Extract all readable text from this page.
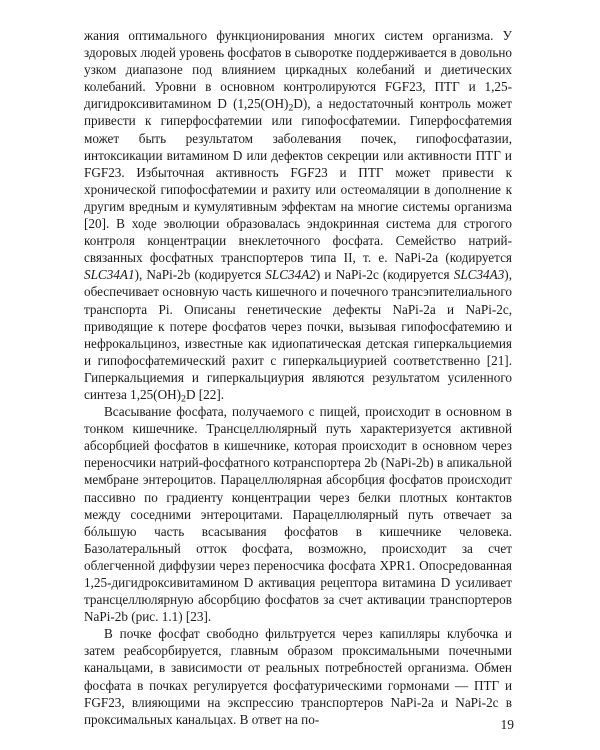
жания оптимального функционирования многих систем организма. У здоровых людей уровень фосфатов в сыворотке поддерживается в довольно узком диапазоне под влиянием циркадных колебаний и диетических колебаний. Уровни в основном контролируются FGF23, ПТГ и 1,25-дигидроксивитамином D $(1,25(OH)_2D)$, а недостаточный контроль может привести к гиперфосфатемии или гипофосфатемии. Гиперфосфатемия может быть результатом заболевания почек, гипофосфатазии, интоксикации витамином D или дефектов секреции или активности ПТГ и FGF23. Избыточная активность FGF23 и ПТГ может привести к хронической гипофосфатемии и рахиту или остеомаляции в дополнение к другим вредным и кумулятивным эффектам на многие системы организма [20]. В ходе эволюции образовалась эндокринная система для строгого контроля концентрации внеклеточного фосфата. Семейство натрий-связанных фосфатных транспортеров типа II, т. е. NaPi-2a (кодируется SLC34A1), NaPi-2b (кодируется SLC34A2) и NaPi-2c (кодируется SLC34A3), обеспечивает основную часть кишечного и почечного трансэпителиального транспорта Pi. Описаны генетические дефекты NaPi-2a и NaPi-2c, приводящие к потере фосфатов через почки, вызывая гипофосфатемию и нефрокальциноз, известные как идиопатическая детская гиперкальциемия и гипофосфатемический рахит с гиперкальциурией соответственно [21]. Гиперкальциемия и гиперкальциурия являются результатом усиленного синтеза $1,25(OH)_2D$ [22].

Всасывание фосфата, получаемого с пищей, происходит в основном в тонком кишечнике. Трансцеллюлярный путь характеризуется активной абсорбцией фосфатов в кишечнике, которая происходит в основном через переносчики натрий-фосфатного котранспортера 2b (NaPi-2b) в апикальной мембране энтероцитов. Парацеллюлярная абсорбция фосфатов происходит пассивно по градиенту концентрации через белки плотных контактов между соседними энтероцитами. Парацеллюлярный путь отвечает за бóльшую часть всасывания фосфатов в кишечнике человека. Базолатеральный отток фосфата, возможно, происходит за счет облегченной диффузии через переносчика фосфата XPR1. Опосредованная 1,25-дигидроксивитамином D активация рецептора витамина D усиливает трансцеллюлярную абсорбцию фосфатов за счет активации транспортеров NaPi-2b (рис. 1.1) [23].

В почке фосфат свободно фильтруется через капилляры клубочка и затем реабсорбируется, главным образом проксимальными почечными канальцами, в зависимости от реальных потребностей организма. Обмен фосфата в почках регулируется фосфатурическими гормонами — ПТГ и FGF23, влияющими на экспрессию транспортеров NaPi-2a и NaPi-2c в проксимальных канальцах. В ответ на по-	19
